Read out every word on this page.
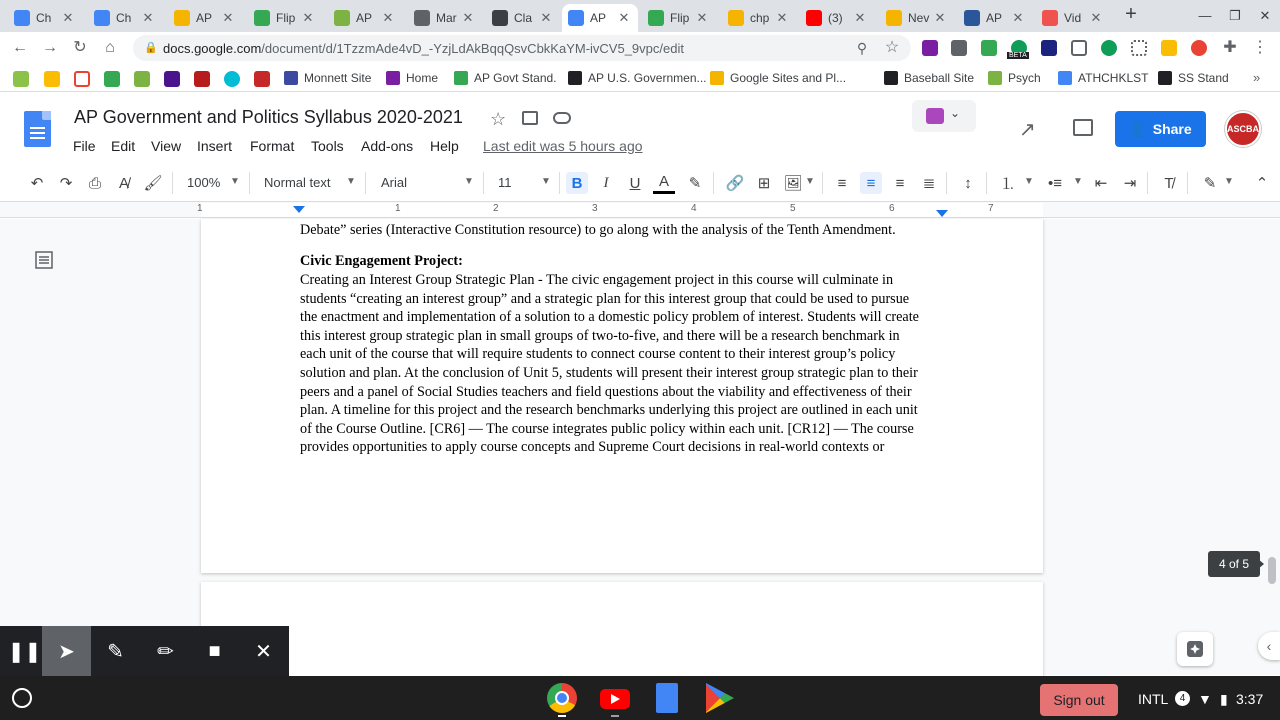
Ch ✕	Ch ✕	AP ✕	Flip ✕	AP ✕	Mar ✕	Cla ✕	AP ✕	Flip ✕	chp ✕	(3) ✕	Nev ✕	AP ✕	Vid ✕ +	—	❐	✕
← → ↻	⌂	🔒 docs.google.com/document/d/1TzzmAde4vD_-YzjLdAkBqqQsvCbkKaYM-ivCV5_9vpc/edit	⚲	☆	BETA	✚ ⋮
Monnett Site	Home	AP Govt Stand.	AP U.S. Governmen... Google Sites and Pl...	Baseball Site	Psych	ATHCHKLST SS Stand »
AP Government and Politics Syllabus 2020-2021 ☆
File Edit View Insert Format Tools Add-ons Help Last edit was 5 hours ago
⌄
↗	👤 Share	ASCBA
↶	↷	⎙	A̸ 🖌 100% ▼ Normal text ▼ Arial	▼ 11	▼	B	I	U	A	✎	🔗 ⊞ 🖼 ▼	≡	≡	≡	≣	↕	⒈ ▼ •≡	▼ ⇤	⇥	T̸	✎ ▼	⌃
1	1	2	3	4	5	6	7
Debate” series (Interactive Constitution resource) to go along with the analysis of the Tenth Amendment.
Civic Engagement Project:
Creating an Interest Group Strategic Plan - The civic engagement project in this course will culminate in
students “creating an interest group” and a strategic plan for this interest group that could be used to pursue
the enactment and implementation of a solution to a domestic policy problem of interest. Students will create
this interest group strategic plan in small groups of two-to-five, and there will be a research benchmark in
each unit of the course that will require students to connect course content to their interest group’s policy
solution and plan. At the conclusion of Unit 5, students will present their interest group strategic plan to their
peers and a panel of Social Studies teachers and field questions about the viability and effectiveness of their
plan. A timeline for this project and the research benchmarks underlying this project are outlined in each unit
of the Course Outline. [CR6] — The course integrates public policy within each unit. [CR12] — The course
provides opportunities to apply course concepts and Supreme Court decisions in real-world contexts or
4 of 5
‹
❚❚ ➤	✎	✏	■	✕
Sign out	INTL	4 ▼ ▮ 3:37
